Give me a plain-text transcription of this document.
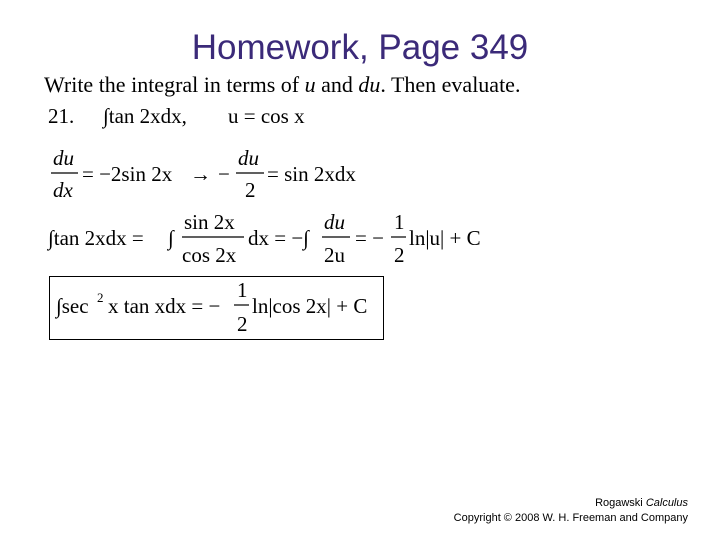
Homework, Page 349
Write the integral in terms of u and du. Then evaluate.
21. ∫tan 2xdx, u = cos x
du
dx
= −2sin 2x → −
du
2
= sin 2xdx
∫tan 2xdx = ∫
sin 2x
cos 2x
dx = −∫
du
2u
= −
1
2
ln|u| + C
∫sec 2 x tan xdx = −
1
2
ln|cos 2x| + C
Rogawski Calculus
Copyright © 2008 W. H. Freeman and Company
